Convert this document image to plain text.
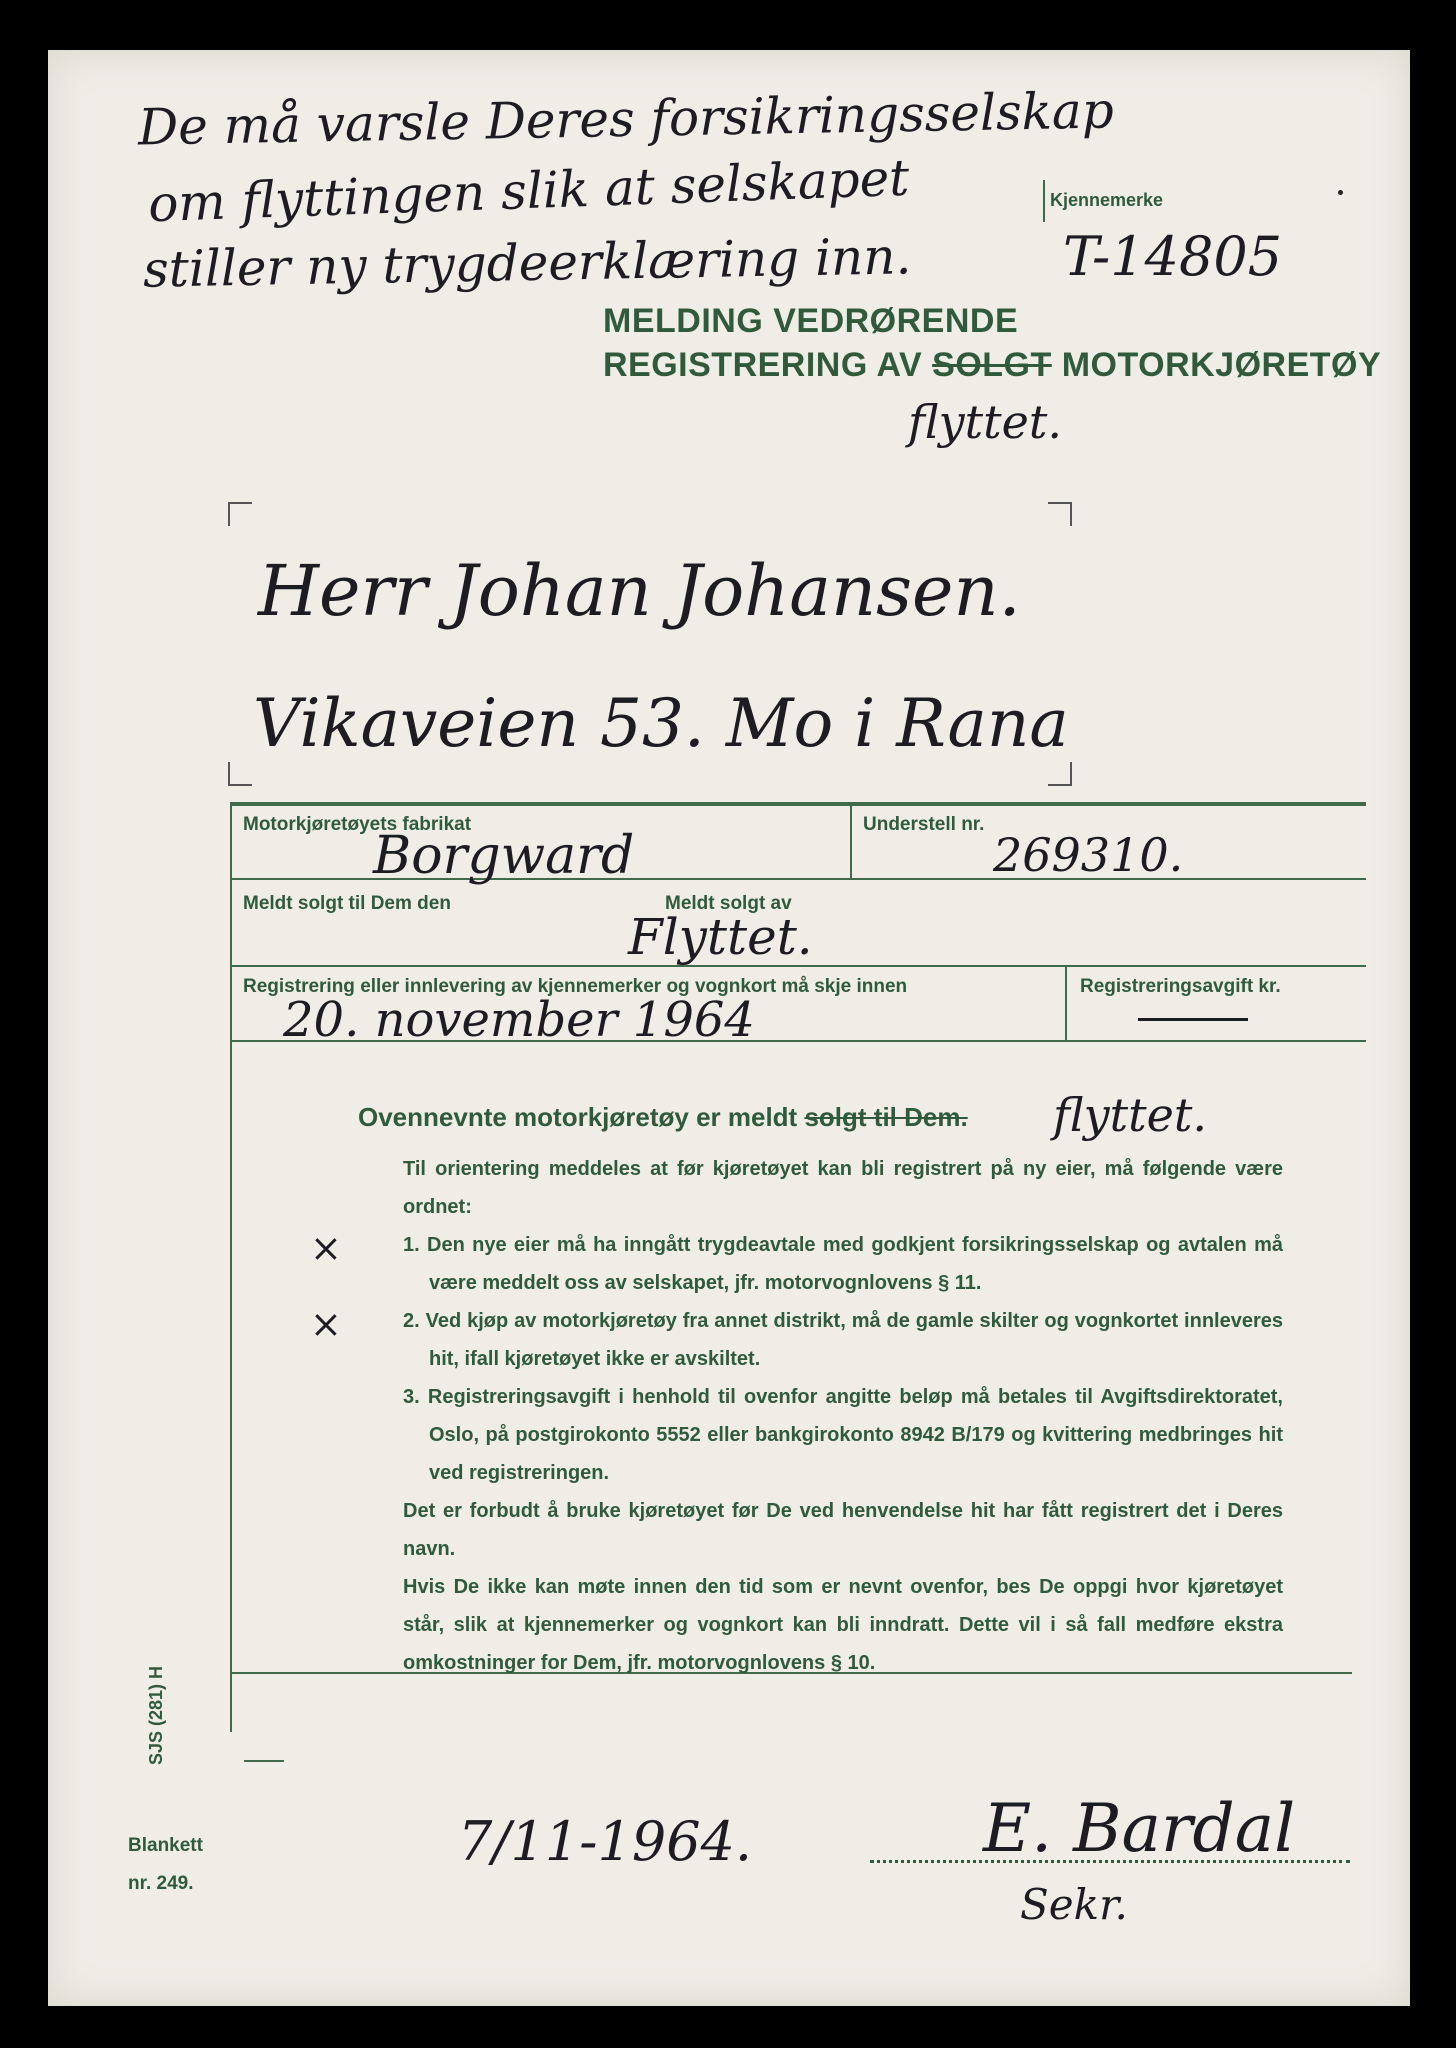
De må varsle Deres forsikringsselskap
om flyttingen slik at selskapet
stiller ny trygdeerklæring inn.
Kjennemerke
T-14805
MELDING VEDRØRENDE
REGISTRERING AV SOLGT MOTORKJØRETØY
flyttet.
Herr Johan Johansen.
Vikaveien 53. Mo i Rana
Motorkjøretøyets fabrikat
Borgward
Understell nr.
269310.
Meldt solgt til Dem den	Meldt solgt av
Flyttet.
Registrering eller innlevering av kjennemerker og vognkort må skje innen
20. november 1964
Registreringsavgift kr.
Ovennevnte motorkjøretøy er meldt solgt til Dem. flyttet.
Til orientering meddeles at før kjøretøyet kan bli registrert på ny eier, må følgende være ordnet:
×	1. Den nye eier må ha inngått trygdeavtale med godkjent forsikringsselskap og avtalen må være meddelt oss av selskapet, jfr. motorvognlovens § 11.
×	2. Ved kjøp av motorkjøretøy fra annet distrikt, må de gamle skilter og vognkortet innleveres hit, ifall kjøretøyet ikke er avskiltet.
3. Registreringsavgift i henhold til ovenfor angitte beløp må betales til Avgiftsdirektoratet, Oslo, på postgirokonto 5552 eller bankgirokonto 8942 B/179 og kvittering medbringes hit ved registreringen.
Det er forbudt å bruke kjøretøyet før De ved henvendelse hit har fått registrert det i Deres navn.
Hvis De ikke kan møte innen den tid som er nevnt ovenfor, bes De oppgi hvor kjøretøyet står, slik at kjennemerker og vognkort kan bli inndratt. Dette vil i så fall medføre ekstra omkostninger for Dem, jfr. motorvognlovens § 10.
SJS (281) H
7/11-1964.	E. Bardal
Sekr.
Blankett
nr. 249.
